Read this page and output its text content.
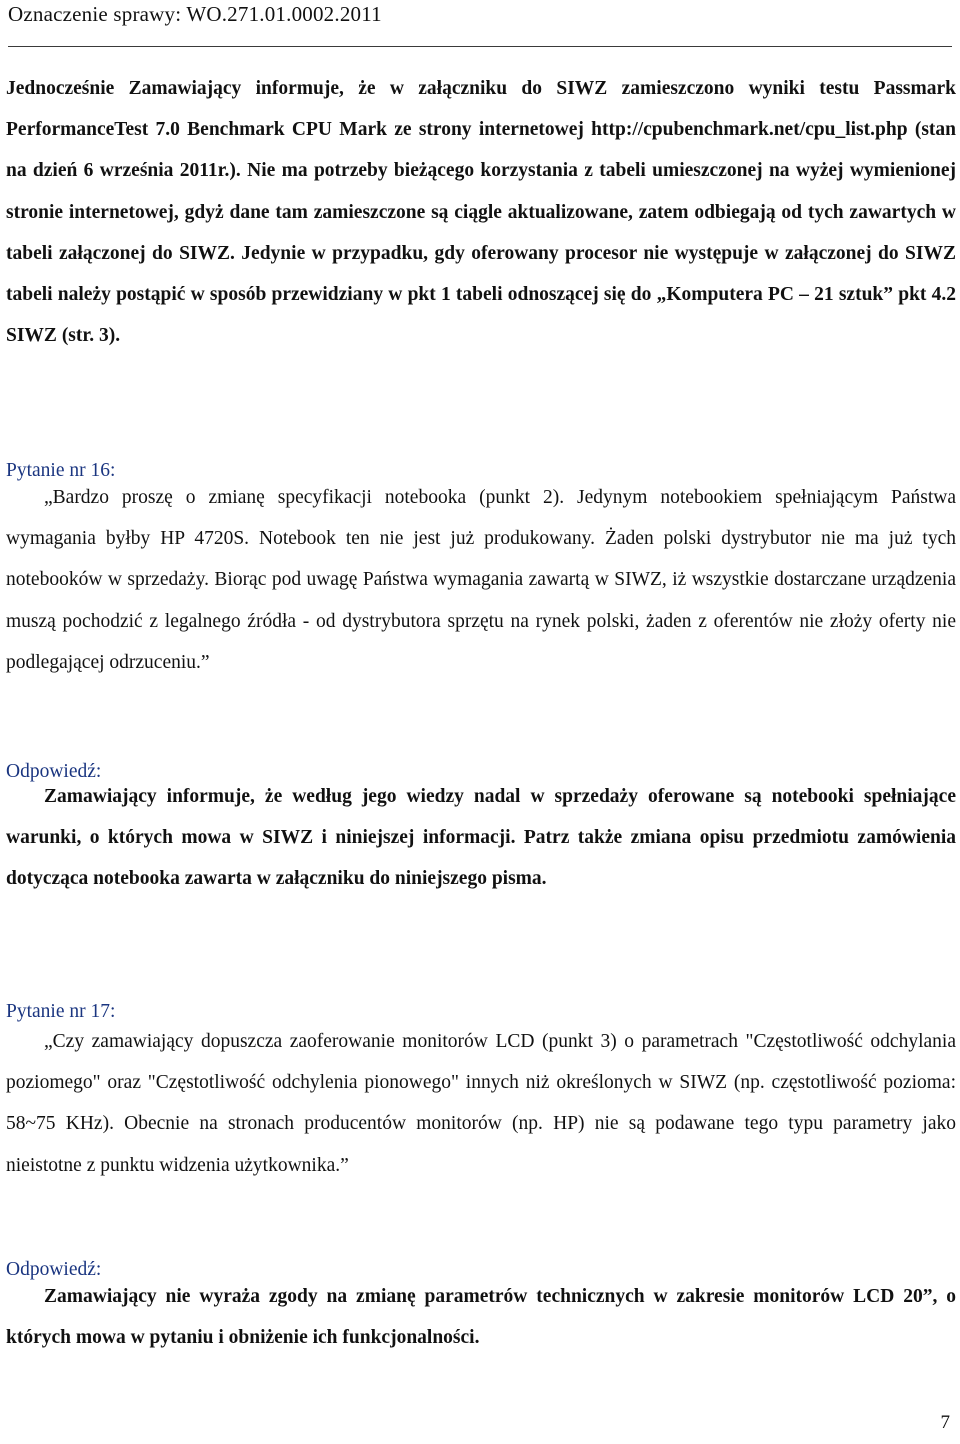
Oznaczenie sprawy: WO.271.01.0002.2011

Jednocześnie Zamawiający informuje, że w załączniku do SIWZ zamieszczono wyniki testu Passmark PerformanceTest 7.0 Benchmark CPU Mark ze strony internetowej http://cpubenchmark.net/cpu_list.php (stan na dzień 6 września 2011r.). Nie ma potrzeby bieżącego korzystania z tabeli umieszczonej na wyżej wymienionej stronie internetowej, gdyż dane tam zamieszczone są ciągle aktualizowane, zatem odbiegają od tych zawartych w tabeli załączonej do SIWZ. Jedynie w przypadku, gdy oferowany procesor nie występuje w załączonej do SIWZ tabeli należy postąpić w sposób przewidziany w pkt 1 tabeli odnoszącej się do „Komputera PC – 21 sztuk” pkt 4.2 SIWZ (str. 3).

Pytanie nr 16:

„Bardzo proszę o zmianę specyfikacji notebooka (punkt 2). Jedynym notebookiem spełniającym Państwa wymagania byłby HP 4720S. Notebook ten nie jest już produkowany. Żaden polski dystrybutor nie ma już tych notebooków w sprzedaży. Biorąc pod uwagę Państwa wymagania zawartą w SIWZ, iż wszystkie dostarczane urządzenia muszą pochodzić z legalnego źródła - od dystrybutora sprzętu na rynek polski, żaden z oferentów nie złoży oferty nie podlegającej odrzuceniu.”

Odpowiedź:

Zamawiający informuje, że według jego wiedzy nadal w sprzedaży oferowane są notebooki spełniające warunki, o których mowa w SIWZ i niniejszej informacji. Patrz także zmiana opisu przedmiotu zamówienia dotycząca notebooka zawarta w załączniku do niniejszego pisma.

Pytanie nr 17:

„Czy zamawiający dopuszcza zaoferowanie monitorów LCD (punkt 3) o parametrach "Częstotliwość odchylania poziomego" oraz "Częstotliwość odchylenia pionowego" innych niż określonych w SIWZ (np. częstotliwość pozioma: 58~75 KHz). Obecnie na stronach producentów monitorów (np. HP) nie są podawane tego typu parametry jako nieistotne z punktu widzenia użytkownika.”

Odpowiedź:

Zamawiający nie wyraża zgody na zmianę parametrów technicznych w zakresie monitorów LCD 20”, o których mowa w pytaniu i obniżenie ich funkcjonalności.

7
